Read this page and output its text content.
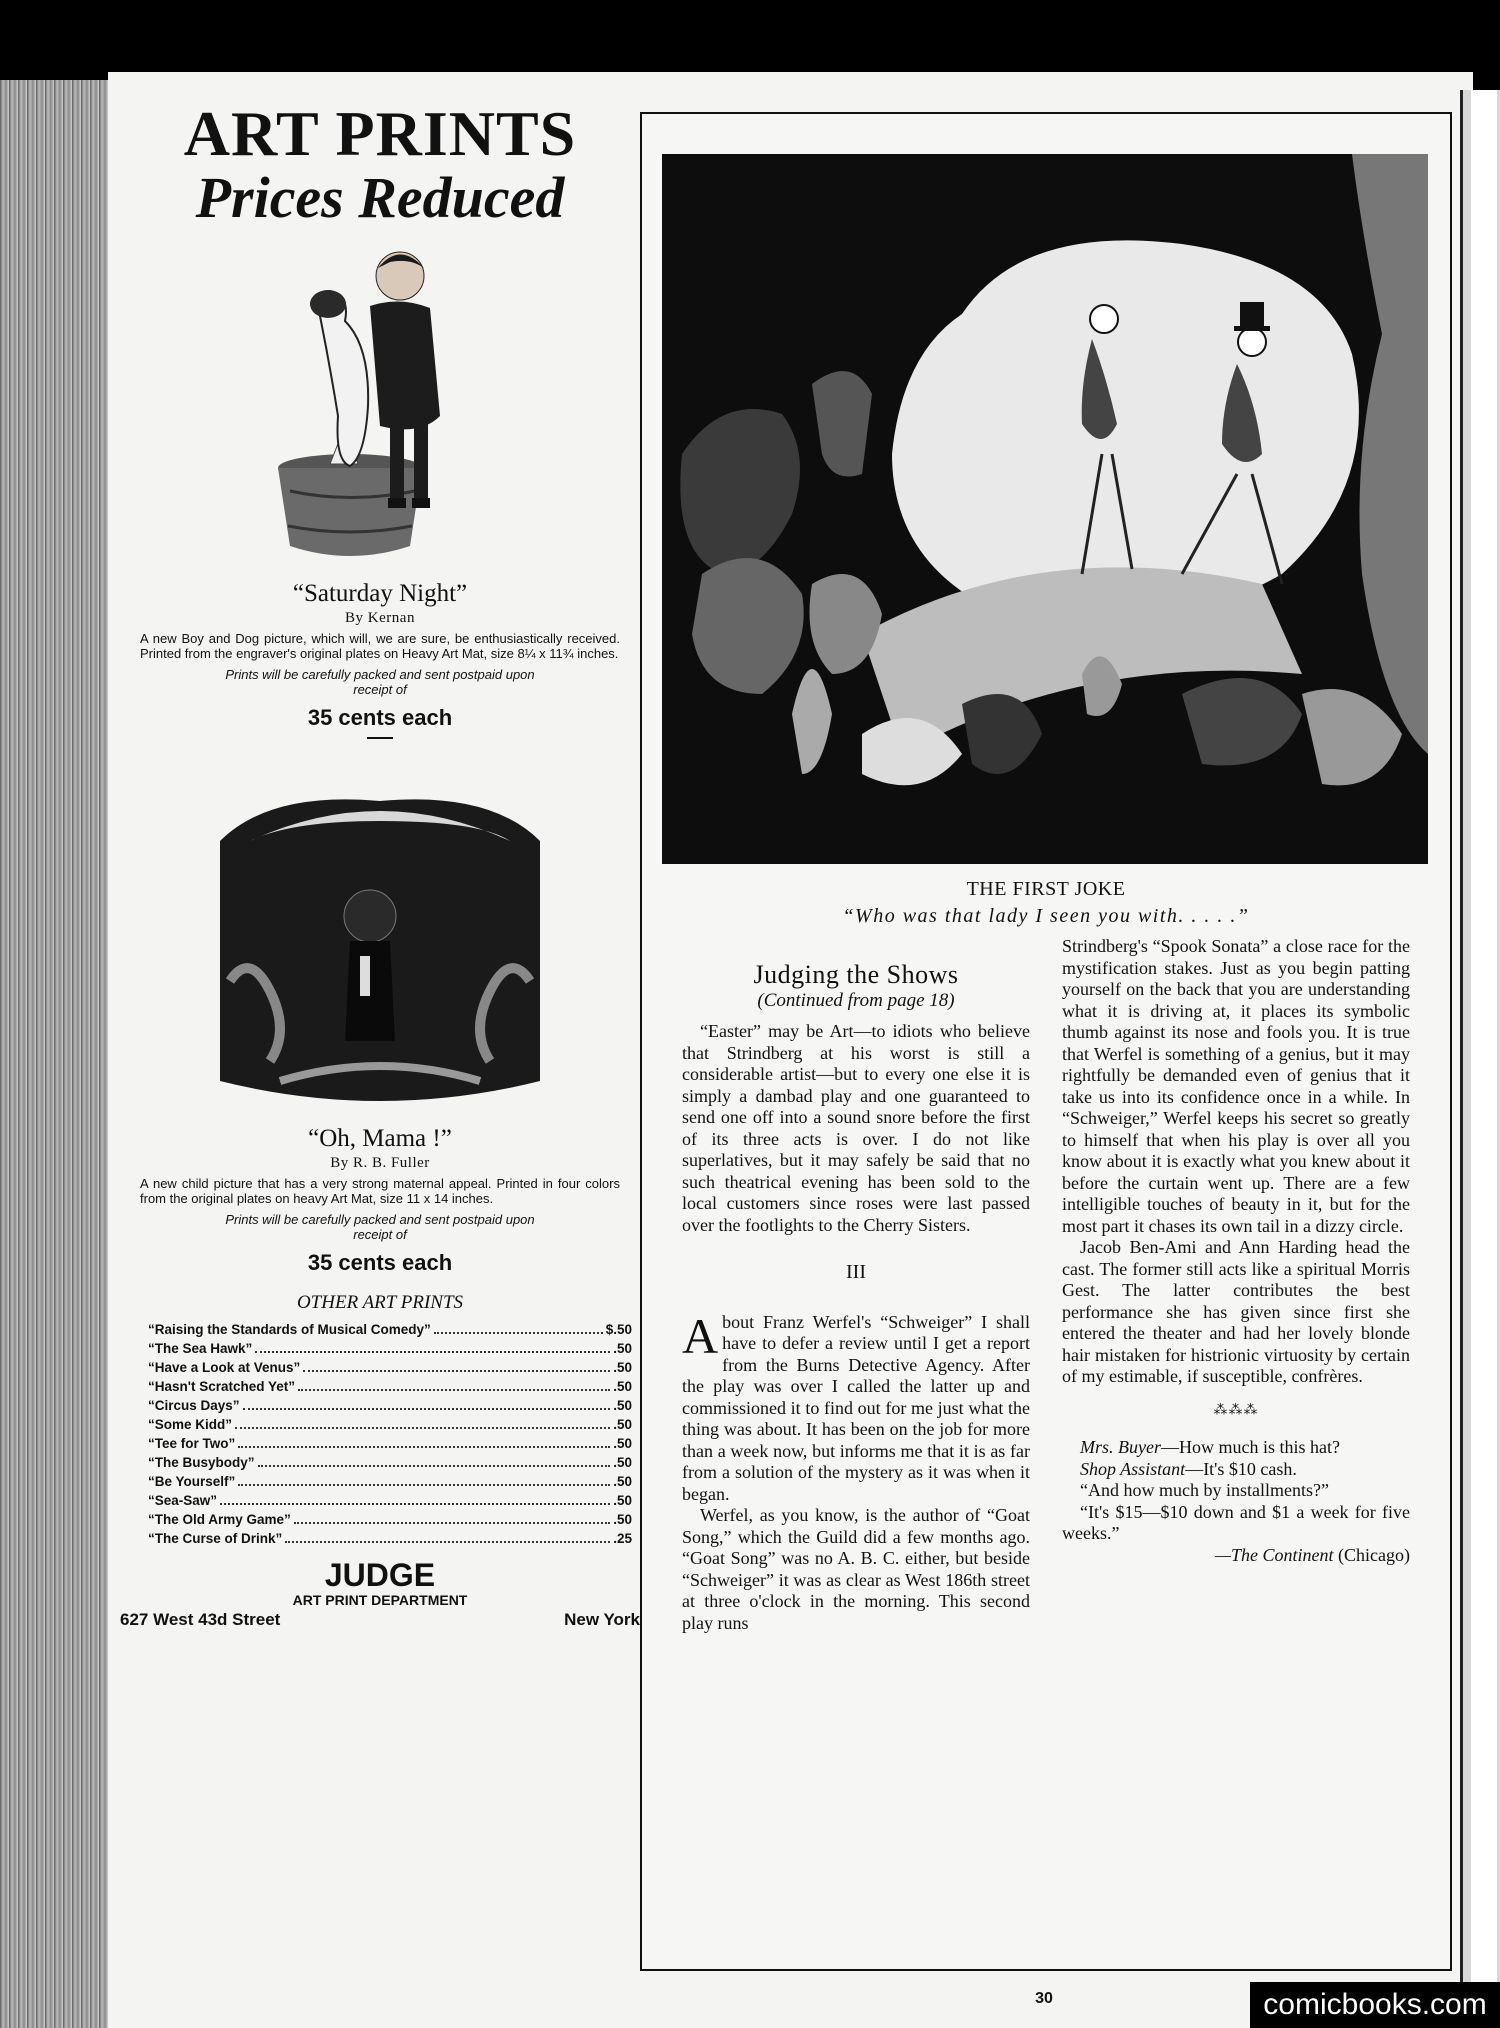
ART PRINTS
Prices Reduced
“Saturday Night”
By Kernan
A new Boy and Dog picture, which will, we are sure, be enthusiastically received. Printed from the engraver's original plates on Heavy Art Mat, size 8¼ x 11¾ inches.
Prints will be carefully packed and sent postpaid upon receipt of
35 cents each
“Oh, Mama !”
By R. B. Fuller
A new child picture that has a very strong maternal appeal. Printed in four colors from the original plates on heavy Art Mat, size 11 x 14 inches.
Prints will be carefully packed and sent postpaid upon receipt of
35 cents each
OTHER ART PRINTS
“Raising the Standards of Musical Comedy”	$.50
“The Sea Hawk”	.50
“Have a Look at Venus”	.50
“Hasn't Scratched Yet”	.50
“Circus Days”	.50
“Some Kidd”	.50
“Tee for Two”	.50
“The Busybody”	.50
“Be Yourself”	.50
“Sea-Saw”	.50
“The Old Army Game”	.50
“The Curse of Drink”	.25
JUDGE
ART PRINT DEPARTMENT
627 West 43d Street	New York
THE FIRST JOKE
“Who was that lady I seen you with. . . . .”
Judging the Shows
(Continued from page 18)

“Easter” may be Art—to idiots who believe that Strindberg at his worst is still a considerable artist—but to every one else it is simply a dambad play and one guaranteed to send one off into a sound snore before the first of its three acts is over. I do not like superlatives, but it may safely be said that no such theatrical evening has been sold to the local customers since roses were last passed over the footlights to the Cherry Sisters.

III

About Franz Werfel's “Schweiger” I shall have to defer a review until I get a report from the Burns Detective Agency. After the play was over I called the latter up and commissioned it to find out for me just what the thing was about. It has been on the job for more than a week now, but informs me that it is as far from a solution of the mystery as it was when it began.

Werfel, as you know, is the author of “Goat Song,” which the Guild did a few months ago. “Goat Song” was no A. B. C. either, but beside “Schweiger” it was as clear as West 186th street at three o'clock in the morning. This second play runs

Strindberg's “Spook Sonata” a close race for the mystification stakes. Just as you begin patting yourself on the back that you are understanding what it is driving at, it places its symbolic thumb against its nose and fools you. It is true that Werfel is something of a genius, but it may rightfully be demanded even of genius that it take us into its confidence once in a while. In “Schweiger,” Werfel keeps his secret so greatly to himself that when his play is over all you know about it is exactly what you knew about it before the curtain went up. There are a few intelligible touches of beauty in it, but for the most part it chases its own tail in a dizzy circle.

Jacob Ben-Ami and Ann Harding head the cast. The former still acts like a spiritual Morris Gest. The latter contributes the best performance she has given since first she entered the theater and had her lovely blonde hair mistaken for histrionic virtuosity by certain of my estimable, if susceptible, confrères.

⁂⁂⁂

Mrs. Buyer—How much is this hat?

Shop Assistant—It's $10 cash.

“And how much by installments?”

“It's $15—$10 down and $1 a week for five weeks.”

—The Continent (Chicago)

30	comicbooks.com
